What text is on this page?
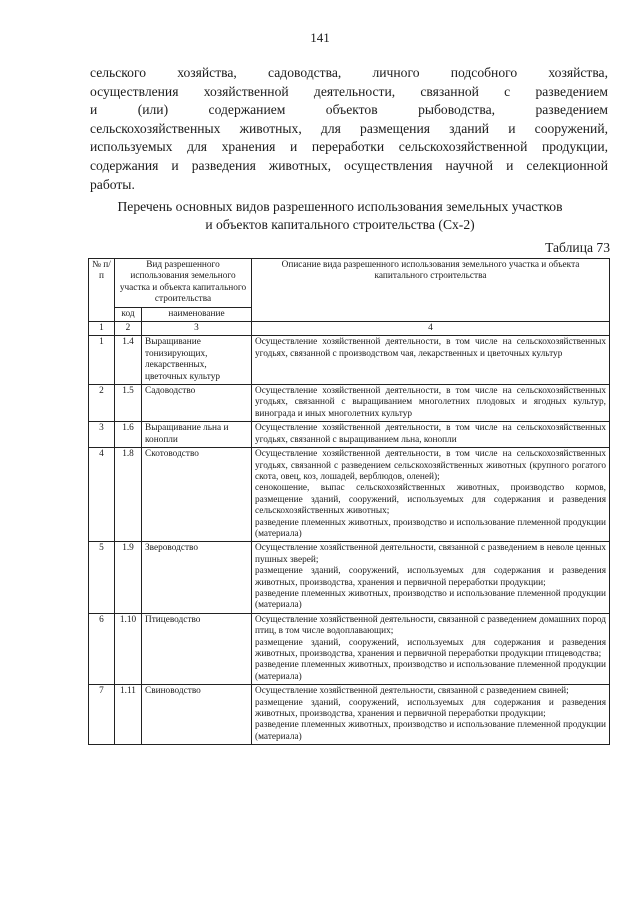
141
сельского хозяйства, садоводства, личного подсобного хозяйства,
осуществления хозяйственной деятельности, связанной с разведением
и (или) содержанием объектов рыбоводства, разведением
сельскохозяйственных животных, для размещения зданий и сооружений,
используемых для хранения и переработки сельскохозяйственной продукции,
содержания и разведения животных, осуществления научной и селекционной
работы.
Перечень основных видов разрешенного использования земельных участков
и объектов капитального строительства (Сх-2)
Таблица 73
№ п/п	Вид разрешенного использования земельного участка и объекта капитального строительства		Описание вида разрешенного использования земельного участка и объекта капитального строительства
	код	наименование	
1	2	3	4
1	1.4	Выращивание тонизирующих, лекарственных, цветочных культур	Осуществление хозяйственной деятельности, в том числе на сельскохозяйственных угодьях, связанной с производством чая, лекарственных и цветочных культур

2	1.5	Садоводство	Осуществление хозяйственной деятельности, в том числе на сельскохозяйственных угодьях, связанной с выращиванием многолетних плодовых и ягодных культур, винограда и иных многолетних культур

3	1.6	Выращивание льна и конопли	Осуществление хозяйственной деятельности, в том числе на сельскохозяйственных угодьях, связанной с выращиванием льна, конопли

4	1.8	Скотоводство	Осуществление хозяйственной деятельности, в том числе на сельскохозяйственных угодьях, связанной с разведением сельскохозяйственных животных (крупного рогатого скота, овец, коз, лошадей, верблюдов, оленей);
сенокошение, выпас сельскохозяйственных животных, производство кормов, размещение зданий, сооружений, используемых для содержания и разведения сельскохозяйственных животных;
разведение племенных животных, производство и использование племенной продукции (материала)

5	1.9	Звероводство	Осуществление хозяйственной деятельности, связанной с разведением в неволе ценных пушных зверей;
размещение зданий, сооружений, используемых для содержания и разведения животных, производства, хранения и первичной переработки продукции;
разведение племенных животных, производство и использование племенной продукции (материала)

6	1.10	Птицеводство	Осуществление хозяйственной деятельности, связанной с разведением домашних пород птиц, в том числе водоплавающих;
размещение зданий, сооружений, используемых для содержания и разведения животных, производства, хранения и первичной переработки продукции птицеводства;
разведение племенных животных, производство и использование племенной продукции (материала)

7	1.11	Свиноводство	Осуществление хозяйственной деятельности, связанной с разведением свиней;
размещение зданий, сооружений, используемых для содержания и разведения животных, производства, хранения и первичной переработки продукции;
разведение племенных животных, производство и использование племенной продукции (материала)
